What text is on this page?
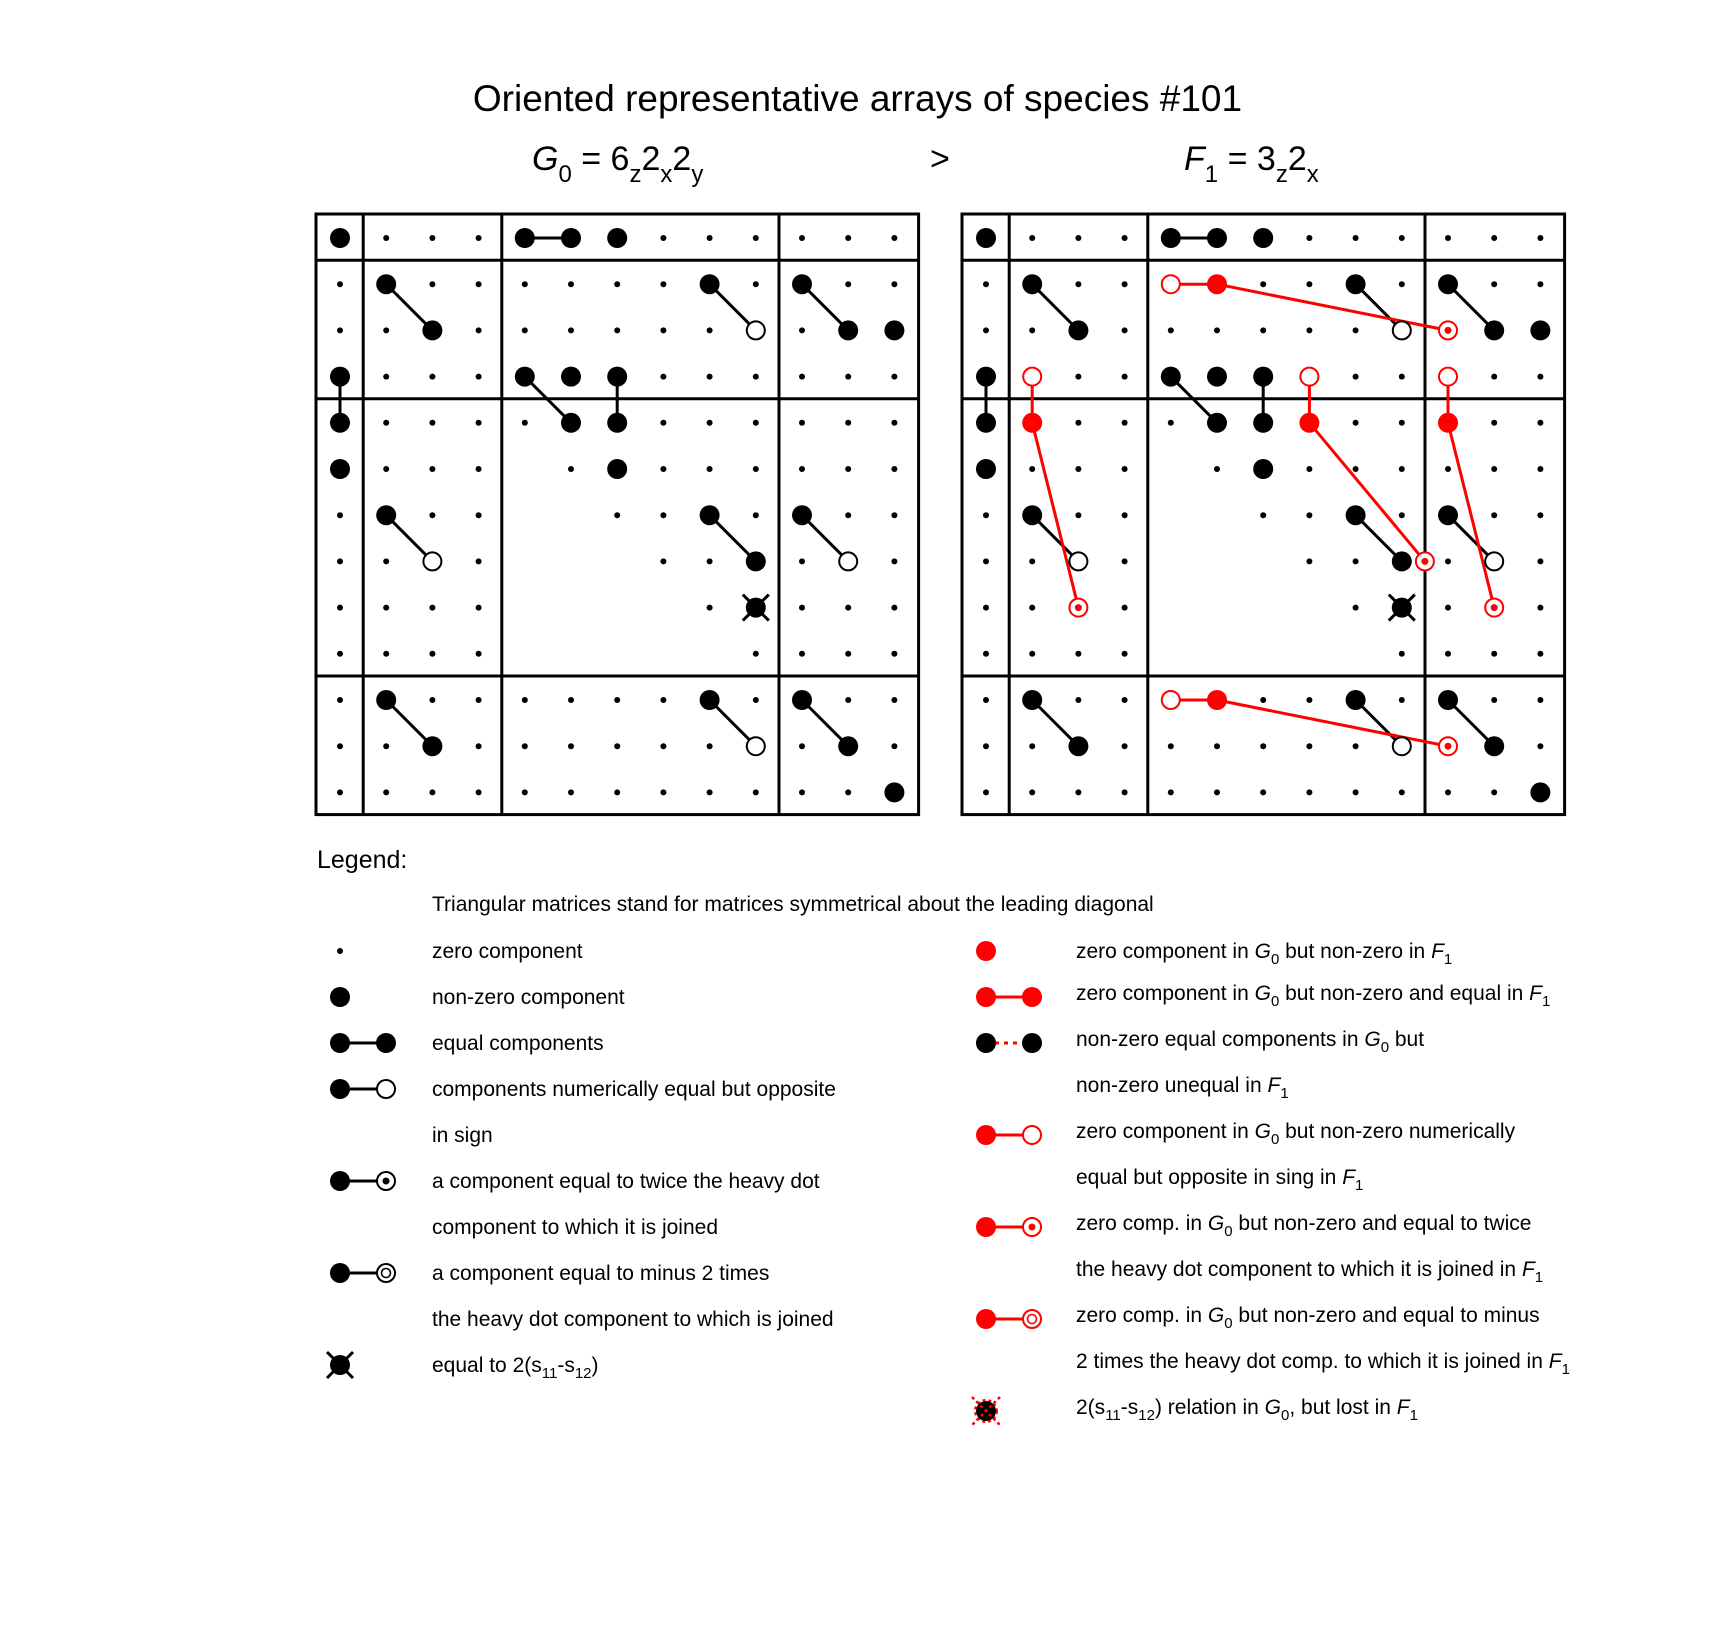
Oriented representative arrays of species #101
$G_0 = 6_z2_x2_y$	>	$F_1 = 3_z2_x$
Legend:
Triangular matrices stand for matrices symmetrical about the leading diagonal
zero component
non-zero component
equal components
components numerically equal but opposite
in sign
a component equal to twice the heavy dot
component to which it is joined
a component equal to minus 2 times
the heavy dot component to which is joined
equal to $2(s_{11}-s_{12})$
zero component in $G_0$ but non-zero in $F_1$
zero component in $G_0$ but non-zero and equal in $F_1$
non-zero equal components in $G_0$ but
non-zero unequal in $F_1$
zero component in $G_0$ but non-zero numerically
equal but opposite in sing in $F_1$
zero comp. in $G_0$ but non-zero and equal to twice
the heavy dot component to which it is joined in $F_1$
zero comp. in $G_0$ but non-zero and equal to minus
2 times the heavy dot comp. to which it is joined in $F_1$
$2(s_{11}-s_{12})$ relation in $G_0$, but lost in $F_1$
